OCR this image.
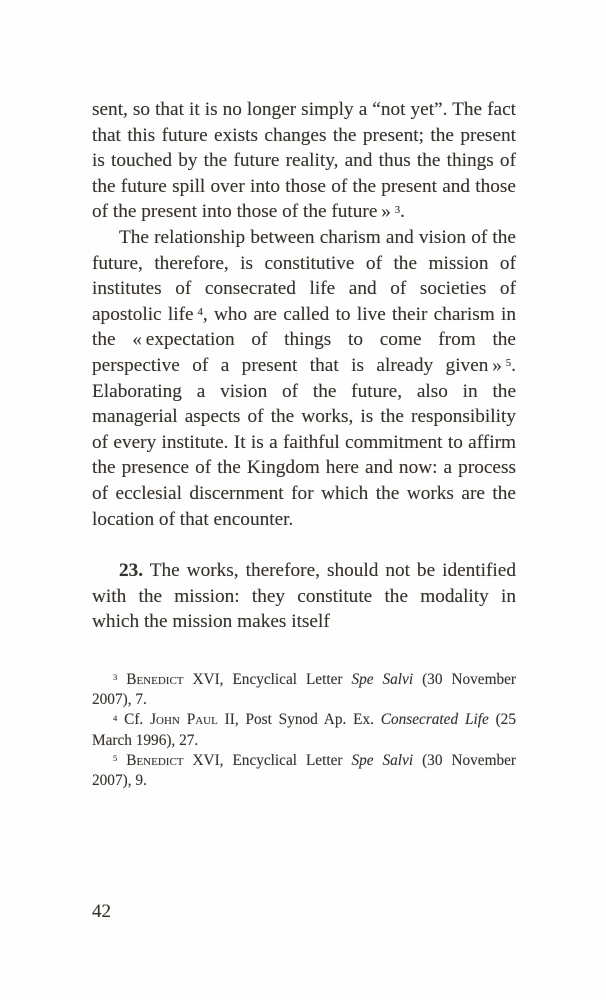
sent, so that it is no longer simply a “not yet”. The fact that this future exists changes the present; the present is touched by the future reality, and thus the things of the future spill over into those of the present and those of the present into those of the future » $^3$.

The relationship between charism and vision of the future, therefore, is constitutive of the mission of institutes of consecrated life and of societies of apostolic life $^4$, who are called to live their charism in the « expectation of things to come from the perspective of a present that is already given » $^5$. Elaborating a vision of the future, also in the managerial aspects of the works, is the responsibility of every institute. It is a faithful commitment to affirm the presence of the Kingdom here and now: a process of ecclesial discernment for which the works are the location of that encounter.

23. The works, therefore, should not be identified with the mission: they constitute the modality in which the mission makes itself

$^3$ Benedict XVI, Encyclical Letter Spe Salvi (30 November 2007), 7.

$^4$ Cf. John Paul II, Post Synod Ap. Ex. Consecrated Life (25 March 1996), 27.

$^5$ Benedict XVI, Encyclical Letter Spe Salvi (30 November 2007), 9.

42
